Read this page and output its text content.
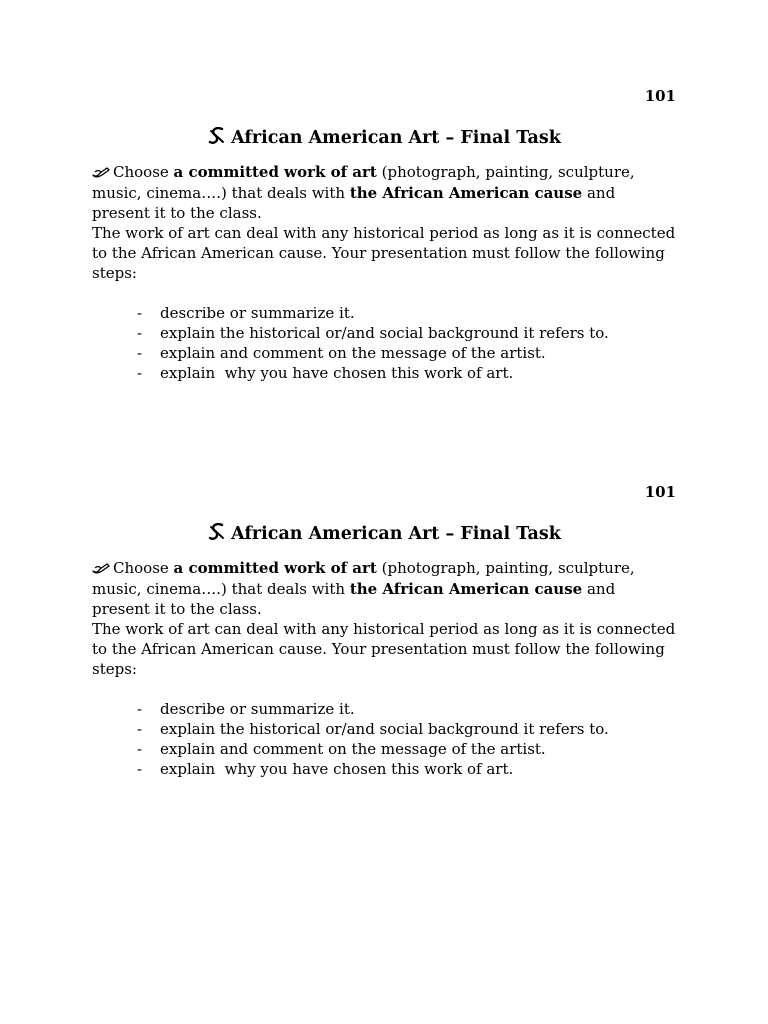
101
African American Art – Final Task
Choose a committed work of art (photograph, painting, sculpture, music, cinema….) that deals with the African American cause and present it to the class.
The work of art can deal with any historical period as long as it is connected to the African American cause. Your presentation must follow the following steps:
- describe or summarize it.
- explain the historical or/and social background it refers to.
- explain and comment on the message of the artist.
- explain  why you have chosen this work of art.
101
African American Art – Final Task
Choose a committed work of art (photograph, painting, sculpture, music, cinema….) that deals with the African American cause and present it to the class.
The work of art can deal with any historical period as long as it is connected to the African American cause. Your presentation must follow the following steps:
- describe or summarize it.
- explain the historical or/and social background it refers to.
- explain and comment on the message of the artist.
- explain  why you have chosen this work of art.
